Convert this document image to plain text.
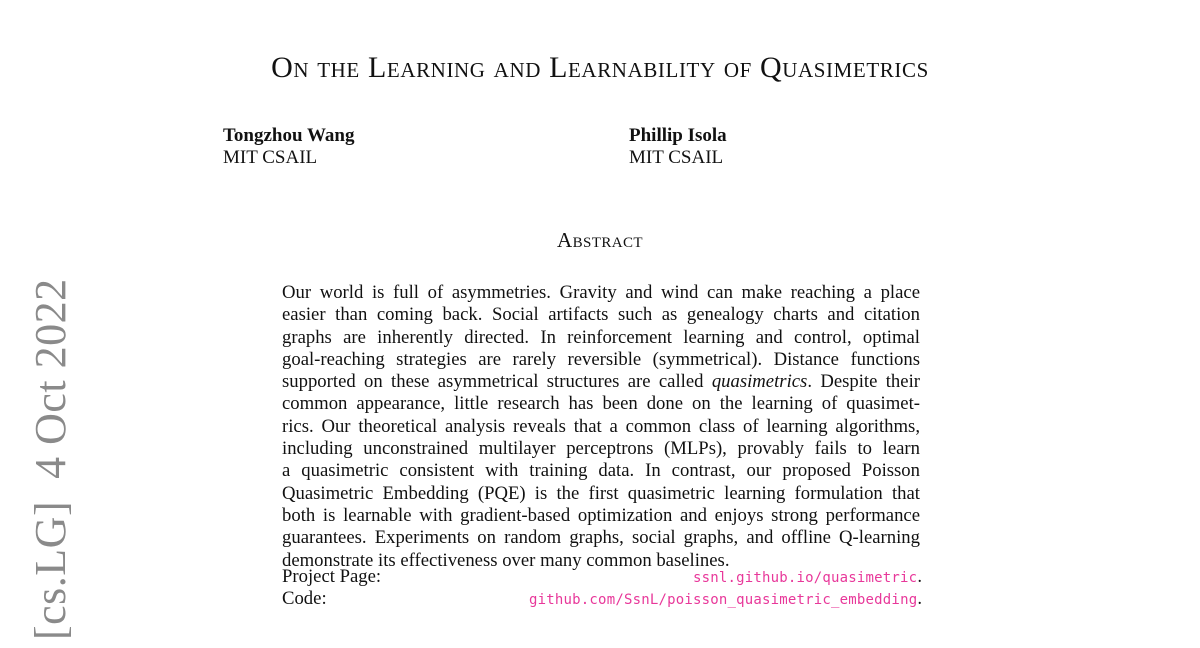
[cs.LG]4 Oct 2022
On the Learning and Learnability of Quasimetrics
Tongzhou Wang
MIT CSAIL
Phillip Isola
MIT CSAIL
Abstract
Our world is full of asymmetries. Gravity and wind can make reaching a place
easier than coming back. Social artifacts such as genealogy charts and citation
graphs are inherently directed. In reinforcement learning and control, optimal
goal-reaching strategies are rarely reversible (symmetrical). Distance functions
supported on these asymmetrical structures are called quasimetrics. Despite their
common appearance, little research has been done on the learning of quasimet-
rics. Our theoretical analysis reveals that a common class of learning algorithms,
including unconstrained multilayer perceptrons (MLPs), provably fails to learn
a quasimetric consistent with training data. In contrast, our proposed Poisson
Quasimetric Embedding (PQE) is the first quasimetric learning formulation that
both is learnable with gradient-based optimization and enjoys strong performance
guarantees. Experiments on random graphs, social graphs, and offline Q-learning
demonstrate its effectiveness over many common baselines.
Project Page:	ssnl.github.io/quasimetric.
Code:	github.com/SsnL/poisson_quasimetric_embedding.
